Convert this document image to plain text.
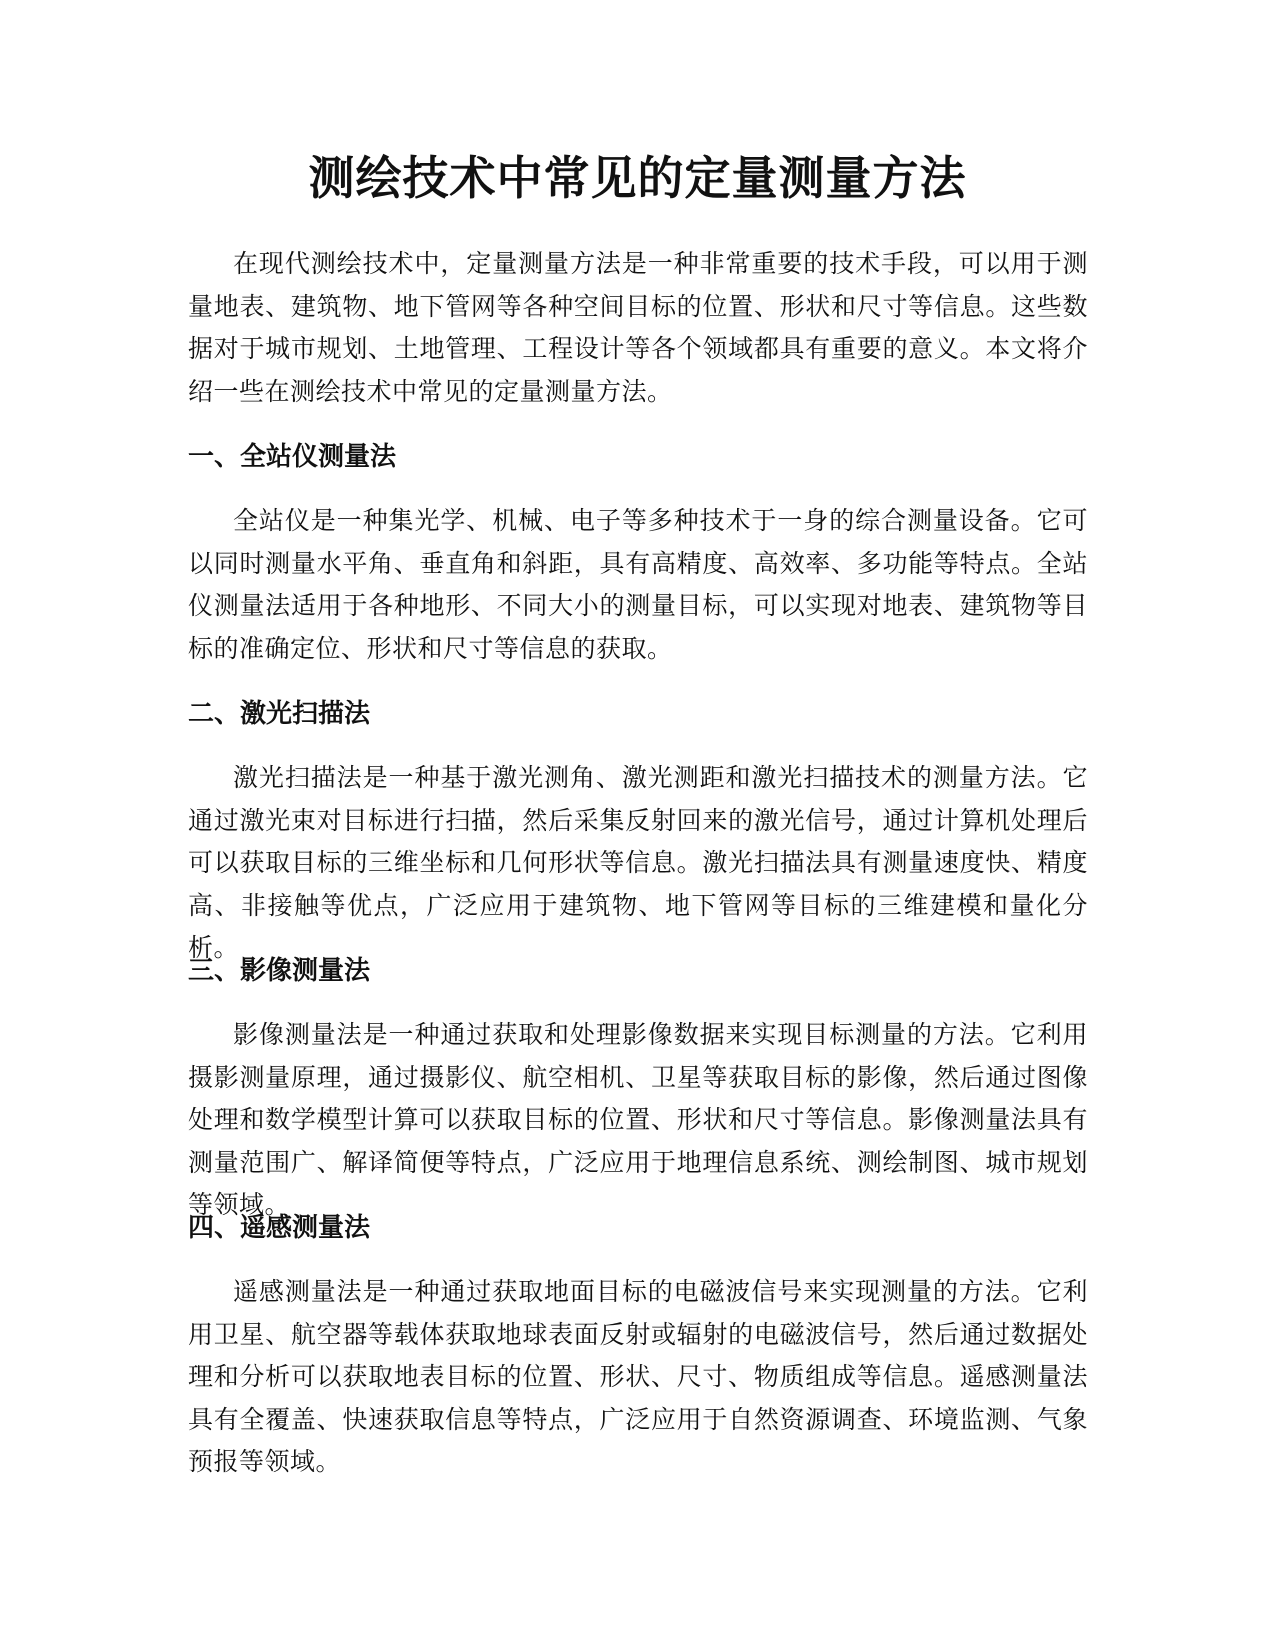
测绘技术中常见的定量测量方法

在现代测绘技术中，定量测量方法是一种非常重要的技术手段，可以用于测量地表、建筑物、地下管网等各种空间目标的位置、形状和尺寸等信息。这些数据对于城市规划、土地管理、工程设计等各个领域都具有重要的意义。本文将介绍一些在测绘技术中常见的定量测量方法。

一、全站仪测量法

全站仪是一种集光学、机械、电子等多种技术于一身的综合测量设备。它可以同时测量水平角、垂直角和斜距，具有高精度、高效率、多功能等特点。全站仪测量法适用于各种地形、不同大小的测量目标，可以实现对地表、建筑物等目标的准确定位、形状和尺寸等信息的获取。

二、激光扫描法

激光扫描法是一种基于激光测角、激光测距和激光扫描技术的测量方法。它通过激光束对目标进行扫描，然后采集反射回来的激光信号，通过计算机处理后可以获取目标的三维坐标和几何形状等信息。激光扫描法具有测量速度快、精度高、非接触等优点，广泛应用于建筑物、地下管网等目标的三维建模和量化分析。

三、影像测量法

影像测量法是一种通过获取和处理影像数据来实现目标测量的方法。它利用摄影测量原理，通过摄影仪、航空相机、卫星等获取目标的影像，然后通过图像处理和数学模型计算可以获取目标的位置、形状和尺寸等信息。影像测量法具有测量范围广、解译简便等特点，广泛应用于地理信息系统、测绘制图、城市规划等领域。

四、遥感测量法

遥感测量法是一种通过获取地面目标的电磁波信号来实现测量的方法。它利用卫星、航空器等载体获取地球表面反射或辐射的电磁波信号，然后通过数据处理和分析可以获取地表目标的位置、形状、尺寸、物质组成等信息。遥感测量法具有全覆盖、快速获取信息等特点，广泛应用于自然资源调查、环境监测、气象预报等领域。
